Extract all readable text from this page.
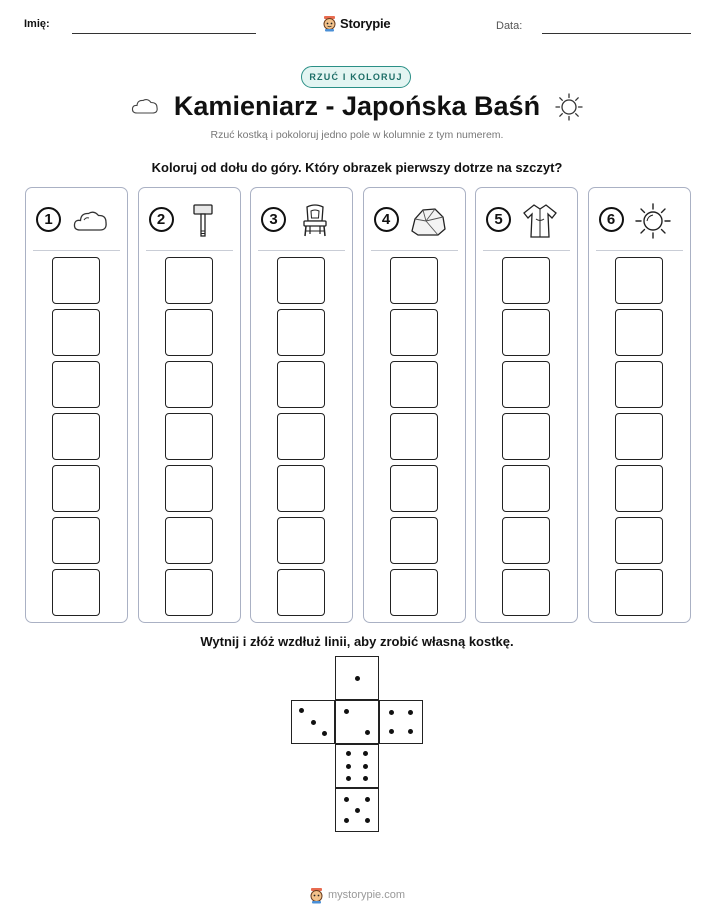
Imię:	Storypie	Data:
RZUĆ I KOLORUJ
Kamieniarz - Japońska Baśń
Rzuć kostką i pokoloruj jedno pole w kolumnie z tym numerem.
Koloruj od dołu do góry. Który obrazek pierwszy dotrze na szczyt?
1	2	3	4	5	6
Wytnij i złóż wzdłuż linii, aby zrobić własną kostkę.
mystorypie.com
